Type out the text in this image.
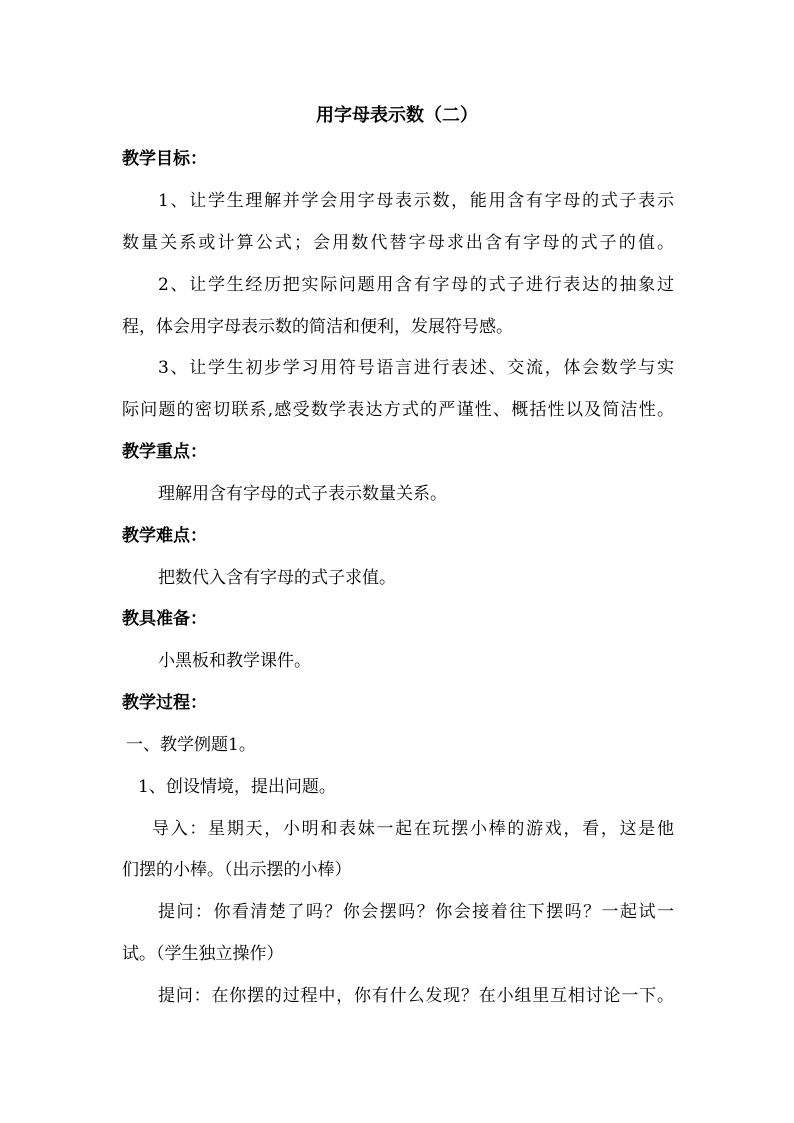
用字母表示数（二）
教学目标：
1、让学生理解并学会用字母表示数，能用含有字母的式子表示
数量关系或计算公式；会用数代替字母求出含有字母的式子的值。
2、让学生经历把实际问题用含有字母的式子进行表达的抽象过
程，体会用字母表示数的简洁和便利，发展符号感。
3、让学生初步学习用符号语言进行表述、交流，体会数学与实
际问题的密切联系,感受数学表达方式的严谨性、概括性以及简洁性。
教学重点：
理解用含有字母的式子表示数量关系。
教学难点：
把数代入含有字母的式子求值。
教具准备：
小黑板和教学课件。
教学过程：
一、教学例题1。
1、创设情境，提出问题。
导入：星期天，小明和表妹一起在玩摆小棒的游戏，看，这是他
们摆的小棒。（出示摆的小棒）
提问：你看清楚了吗？你会摆吗？你会接着往下摆吗？一起试一
试。（学生独立操作）
提问：在你摆的过程中，你有什么发现？在小组里互相讨论一下。
